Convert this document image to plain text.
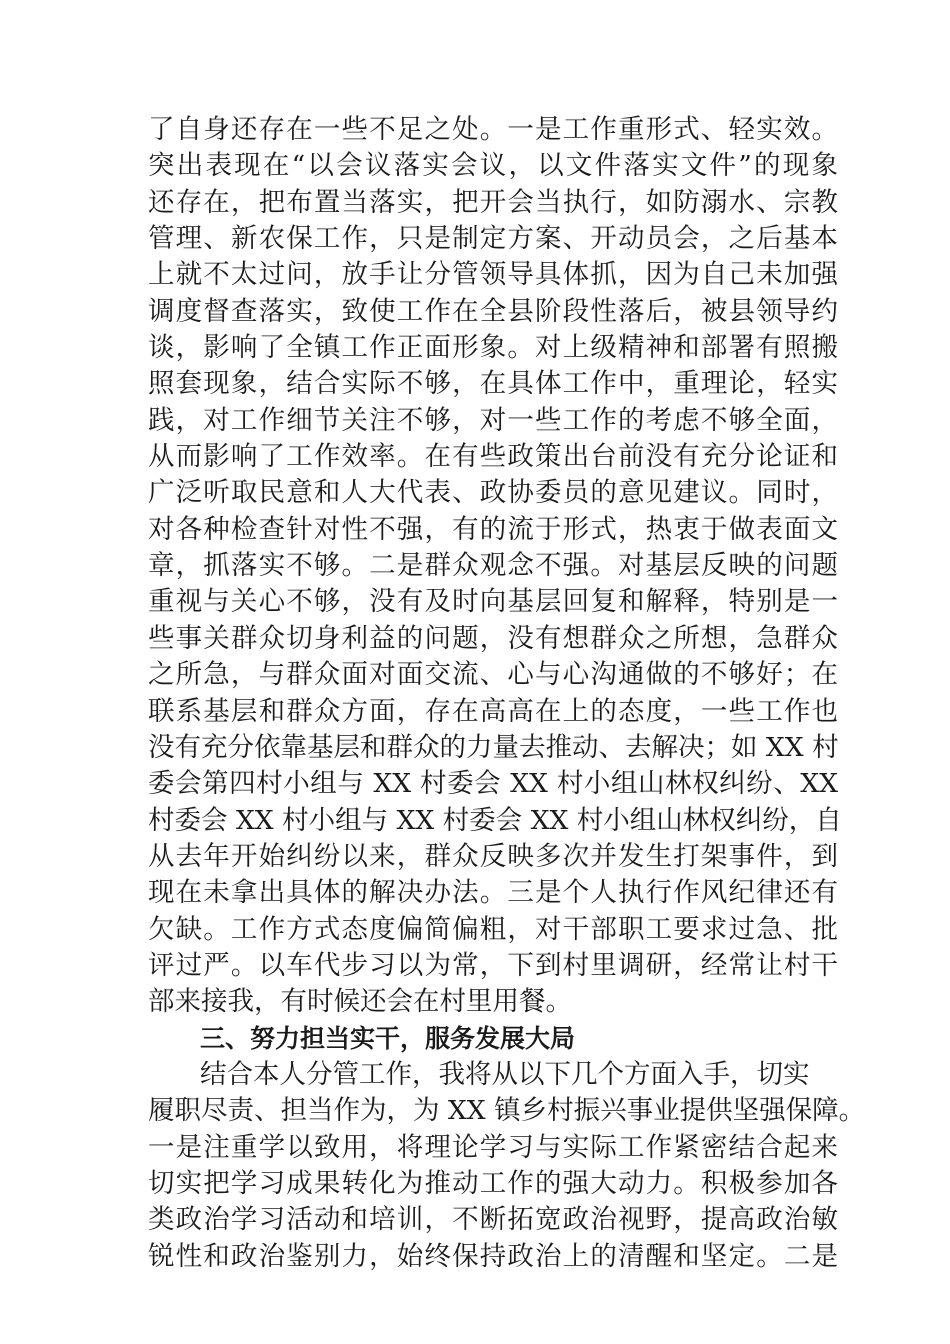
了自身还存在一些不足之处。一是工作重形式、轻实效。
突出表现在“以会议落实会议，以文件落实文件”的现象
还存在，把布置当落实，把开会当执行，如防溺水、宗教
管理、新农保工作，只是制定方案、开动员会，之后基本
上就不太过问，放手让分管领导具体抓，因为自己未加强
调度督查落实，致使工作在全县阶段性落后，被县领导约
谈，影响了全镇工作正面形象。对上级精神和部署有照搬
照套现象，结合实际不够，在具体工作中，重理论，轻实
践，对工作细节关注不够，对一些工作的考虑不够全面，
从而影响了工作效率。在有些政策出台前没有充分论证和
广泛听取民意和人大代表、政协委员的意见建议。同时，
对各种检查针对性不强，有的流于形式，热衷于做表面文
章，抓落实不够。二是群众观念不强。对基层反映的问题
重视与关心不够，没有及时向基层回复和解释，特别是一
些事关群众切身利益的问题，没有想群众之所想，急群众
之所急，与群众面对面交流、心与心沟通做的不够好；在
联系基层和群众方面，存在高高在上的态度，一些工作也
没有充分依靠基层和群众的力量去推动、去解决；如 XX 村
委会第四村小组与 XX 村委会 XX 村小组山林权纠纷、XX
村委会 XX 村小组与 XX 村委会 XX 村小组山林权纠纷，自
从去年开始纠纷以来，群众反映多次并发生打架事件，到
现在未拿出具体的解决办法。三是个人执行作风纪律还有
欠缺。工作方式态度偏简偏粗，对干部职工要求过急、批
评过严。以车代步习以为常，下到村里调研，经常让村干
部来接我，有时候还会在村里用餐。
三、努力担当实干，服务发展大局
结合本人分管工作，我将从以下几个方面入手，切实
履职尽责、担当作为，为 XX 镇乡村振兴事业提供坚强保障。
一是注重学以致用，将理论学习与实际工作紧密结合起来
切实把学习成果转化为推动工作的强大动力。积极参加各
类政治学习活动和培训，不断拓宽政治视野，提高政治敏
锐性和政治鉴别力，始终保持政治上的清醒和坚定。二是
